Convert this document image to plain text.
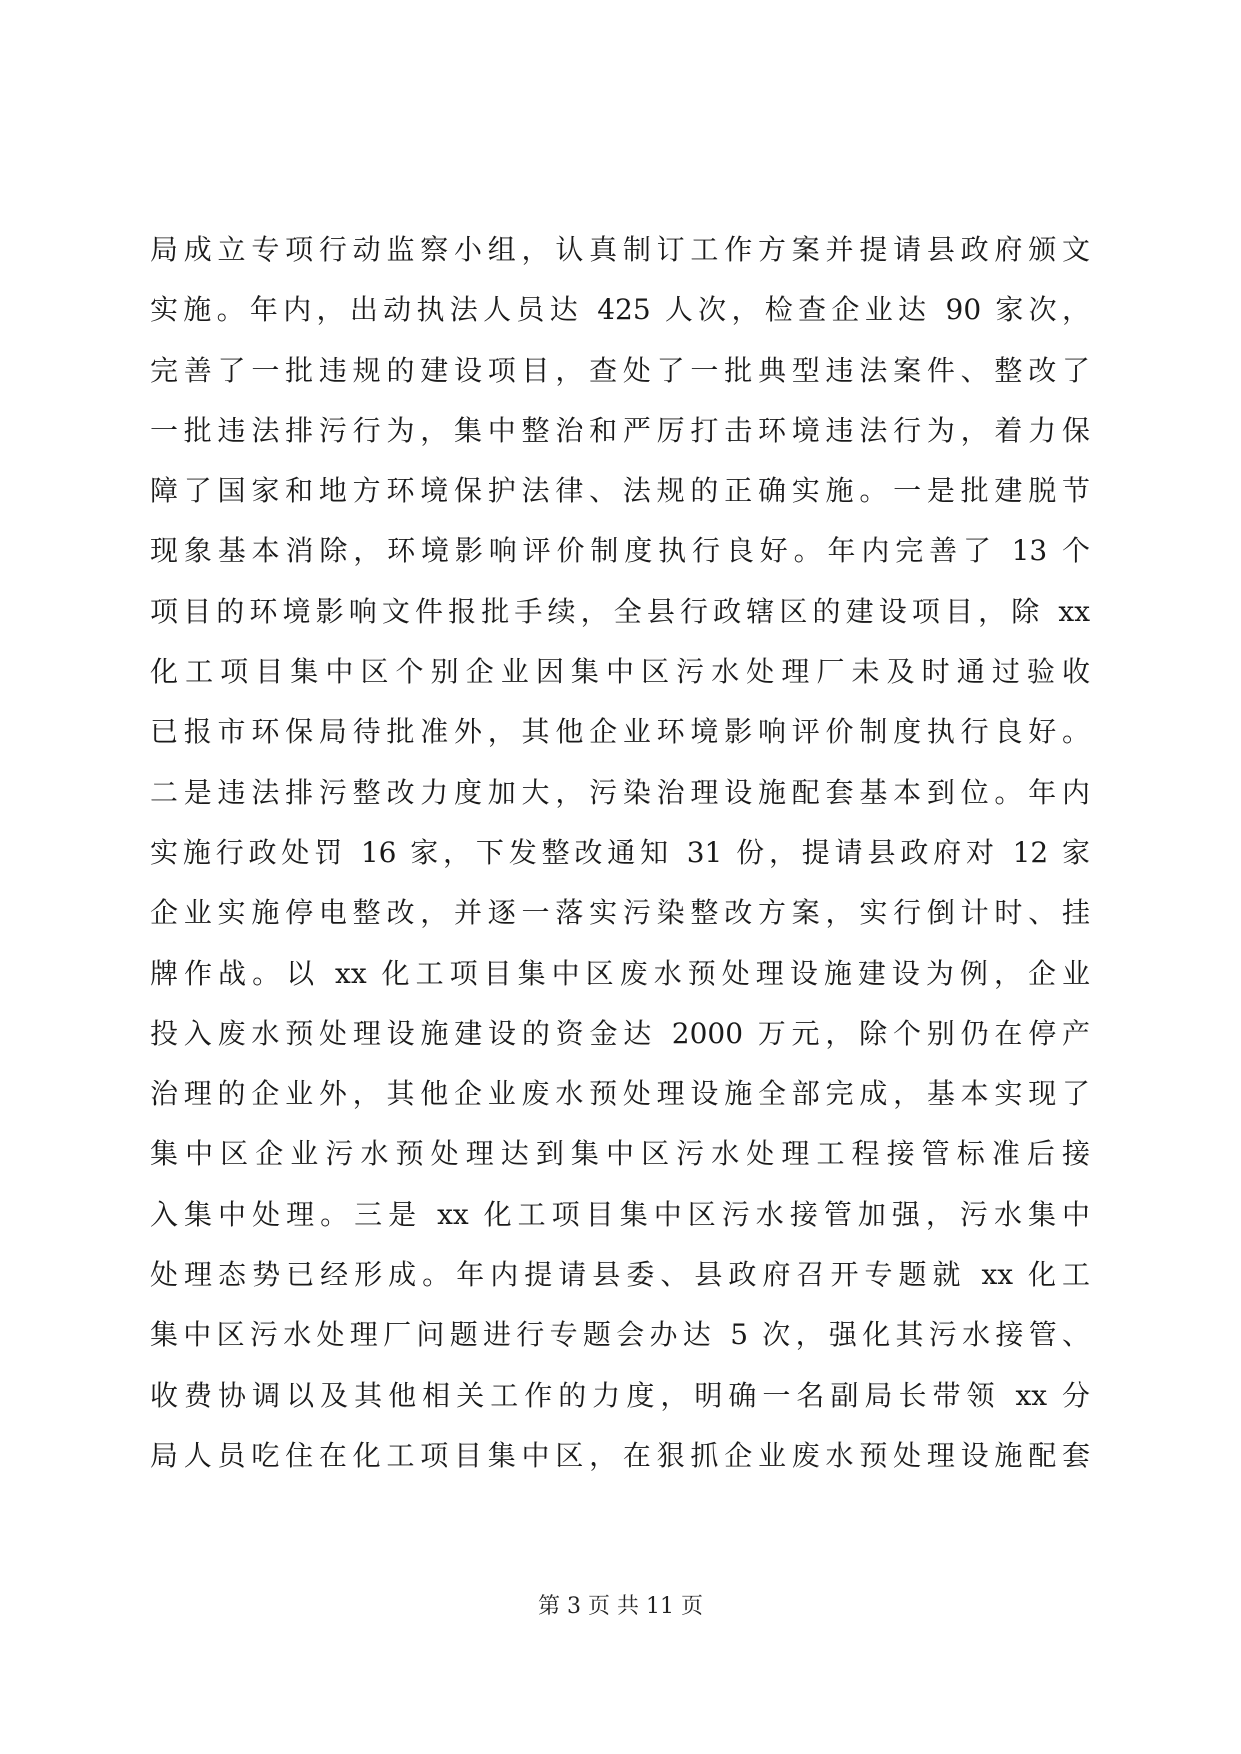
局成立专项行动监察小组，认真制订工作方案并提请县政府颁文
实施。年内，出动执法人员达 425 人次，检查企业达 90 家次，
完善了一批违规的建设项目，查处了一批典型违法案件、整改了
一批违法排污行为，集中整治和严厉打击环境违法行为，着力保
障了国家和地方环境保护法律、法规的正确实施。一是批建脱节
现象基本消除，环境影响评价制度执行良好。年内完善了 13 个
项目的环境影响文件报批手续，全县行政辖区的建设项目，除 xx
化工项目集中区个别企业因集中区污水处理厂未及时通过验收
已报市环保局待批准外，其他企业环境影响评价制度执行良好。
二是违法排污整改力度加大，污染治理设施配套基本到位。年内
实施行政处罚 16 家，下发整改通知 31 份，提请县政府对 12 家
企业实施停电整改，并逐一落实污染整改方案，实行倒计时、挂
牌作战。以 xx 化工项目集中区废水预处理设施建设为例，企业
投入废水预处理设施建设的资金达 2000 万元，除个别仍在停产
治理的企业外，其他企业废水预处理设施全部完成，基本实现了
集中区企业污水预处理达到集中区污水处理工程接管标准后接
入集中处理。三是 xx 化工项目集中区污水接管加强，污水集中
处理态势已经形成。年内提请县委、县政府召开专题就 xx 化工
集中区污水处理厂问题进行专题会办达 5 次，强化其污水接管、
收费协调以及其他相关工作的力度，明确一名副局长带领 xx 分
局人员吃住在化工项目集中区，在狠抓企业废水预处理设施配套
第 3 页 共 11 页
